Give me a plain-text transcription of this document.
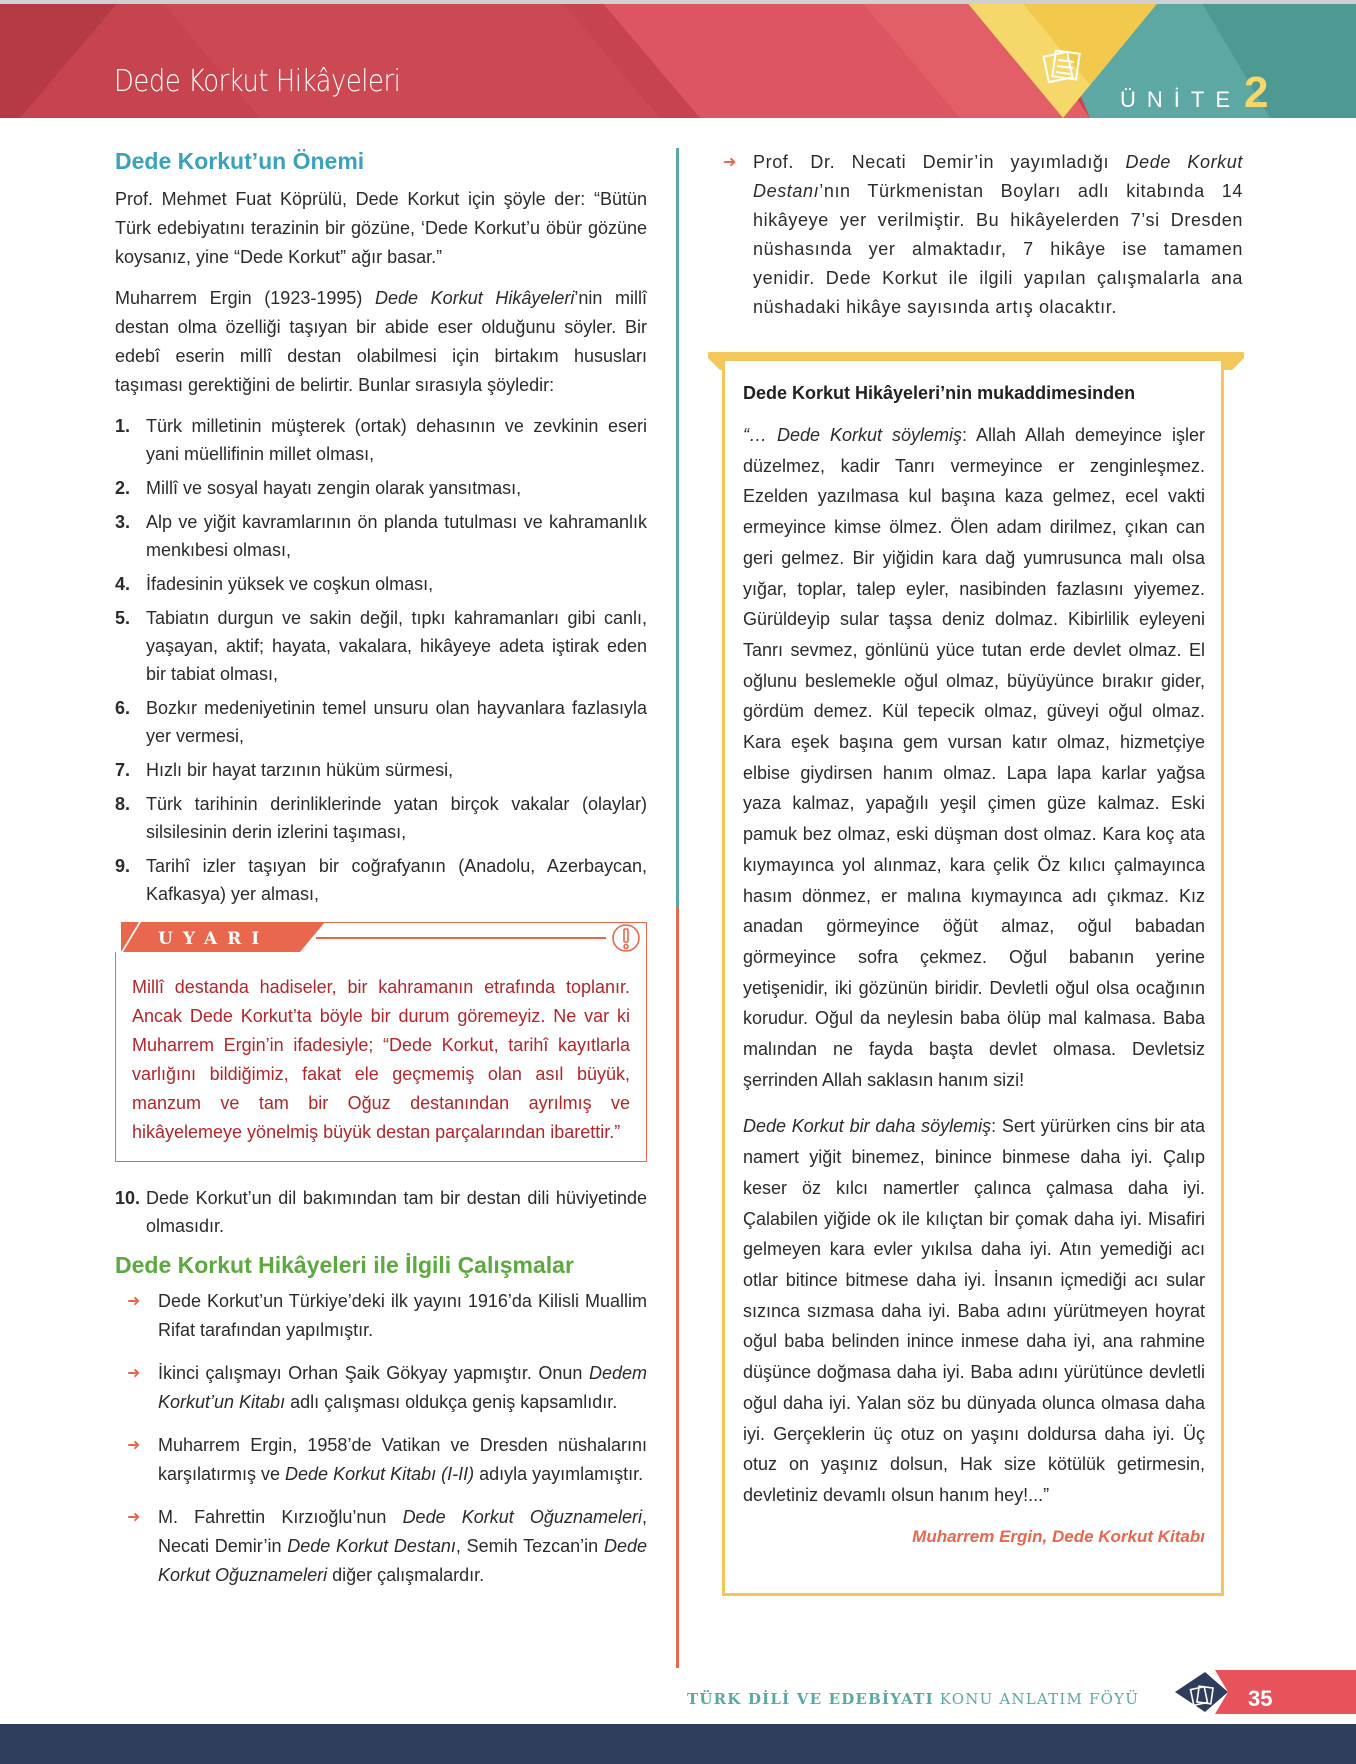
Dede Korkut Hikâyeleri
ÜNİTE 2
Dede Korkut’un Önemi

Prof. Mehmet Fuat Köprülü, Dede Korkut için şöyle der: “Bütün Türk edebiyatını terazinin bir gözüne, ‘Dede Korkut’u öbür gözüne koysanız, yine “Dede Korkut” ağır basar.”

Muharrem Ergin (1923-1995) Dede Korkut Hikâyeleri’nin millî destan olma özelliği taşıyan bir abide eser olduğunu söyler. Bir edebî eserin millî destan olabilmesi için birtakım hususları taşıması gerektiğini de belirtir. Bunlar sırasıyla şöyledir:

1. Türk milletinin müşterek (ortak) dehasının ve zevkinin eseri yani müellifinin millet olması,
2. Millî ve sosyal hayatı zengin olarak yansıtması,
3. Alp ve yiğit kavramlarının ön planda tutulması ve kahramanlık menkıbesi olması,
4. İfadesinin yüksek ve coşkun olması,
5. Tabiatın durgun ve sakin değil, tıpkı kahramanları gibi canlı, yaşayan, aktif; hayata, vakalara, hikâyeye adeta iştirak eden bir tabiat olması,
6. Bozkır medeniyetinin temel unsuru olan hayvanlara fazlasıyla yer vermesi,
7. Hızlı bir hayat tarzının hüküm sürmesi,
8. Türk tarihinin derinliklerinde yatan birçok vakalar (olaylar) silsilesinin derin izlerini taşıması,
9. Tarihî izler taşıyan bir coğrafyanın (Anadolu, Azerbaycan, Kafkasya) yer alması,
UYARI

Millî destanda hadiseler, bir kahramanın etrafında toplanır. Ancak Dede Korkut’ta böyle bir durum göremeyiz. Ne var ki Muharrem Ergin’in ifadesiyle; “Dede Korkut, tarihî kayıtlarla varlığını bildiğimiz, fakat ele geçmemiş olan asıl büyük, manzum ve tam bir Oğuz destanından ayrılmış ve hikâyelemeye yönelmiş büyük destan parçalarından ibarettir.”

10. Dede Korkut’un dil bakımından tam bir destan dili hüviyetinde olmasıdır.
Dede Korkut Hikâyeleri ile İlgili Çalışmalar
➜ Dede Korkut’un Türkiye’deki ilk yayını 1916’da Kilisli Muallim Rifat tarafından yapılmıştır.
➜ İkinci çalışmayı Orhan Şaik Gökyay yapmıştır. Onun Dedem Korkut’un Kitabı adlı çalışması oldukça geniş kapsamlıdır.
➜ Muharrem Ergin, 1958’de Vatikan ve Dresden nüshalarını karşılatırmış ve Dede Korkut Kitabı (I-II) adıyla yayımlamıştır.
➜ M. Fahrettin Kırzıoğlu’nun Dede Korkut Oğuznameleri, Necati Demir’in Dede Korkut Destanı, Semih Tezcan’in Dede Korkut Oğuznameleri diğer çalışmalardır.
➜ Prof. Dr. Necati Demir’in yayımladığı Dede Korkut Destanı’nın Türkmenistan Boyları adlı kitabında 14 hikâyeye yer verilmiştir. Bu hikâyelerden 7’si Dresden nüshasında yer almaktadır, 7 hikâye ise tamamen yenidir. Dede Korkut ile ilgili yapılan çalışmalarla ana nüshadaki hikâye sayısında artış olacaktır.

Dede Korkut Hikâyeleri’nin mukaddimesinden

“… Dede Korkut söylemiş: Allah Allah demeyince işler düzelmez, kadir Tanrı vermeyince er zenginleşmez. Ezelden yazılmasa kul başına kaza gelmez, ecel vakti ermeyince kimse ölmez. Ölen adam dirilmez, çıkan can geri gelmez. Bir yiğidin kara dağ yumrusunca malı olsa yığar, toplar, talep eyler, nasibinden fazlasını yiyemez. Gürüldeyip sular taşsa deniz dolmaz. Kibirlilik eyleyeni Tanrı sevmez, gönlünü yüce tutan erde devlet olmaz. El oğlunu beslemekle oğul olmaz, büyüyünce bırakır gider, gördüm demez. Kül tepecik olmaz, güveyi oğul olmaz. Kara eşek başına gem vursan katır olmaz, hizmetçiye elbise giydirsen hanım olmaz. Lapa lapa karlar yağsa yaza kalmaz, yapağılı yeşil çimen güze kalmaz. Eski pamuk bez olmaz, eski düşman dost olmaz. Kara koç ata kıymayınca yol alınmaz, kara çelik Öz kılıcı çalmayınca hasım dönmez, er malına kıymayınca adı çıkmaz. Kız anadan görmeyince öğüt almaz, oğul babadan görmeyince sofra çekmez. Oğul babanın yerine yetişenidir, iki gözünün biridir. Devletli oğul olsa ocağının korudur. Oğul da neylesin baba ölüp mal kalmasa. Baba malından ne fayda başta devlet olmasa. Devletsiz şerrinden Allah saklasın hanım sizi!

Dede Korkut bir daha söylemiş: Sert yürürken cins bir ata namert yiğit binemez, binince binmese daha iyi. Çalıp keser öz kılcı namertler çalınca çalmasa daha iyi. Çalabilen yiğide ok ile kılıçtan bir çomak daha iyi. Misafiri gelmeyen kara evler yıkılsa daha iyi. Atın yemediği acı otlar bitince bitmese daha iyi. İnsanın içmediği acı sular sızınca sızmasa daha iyi. Baba adını yürütmeyen hoyrat oğul baba belinden inince inmese daha iyi, ana rahmine düşünce doğmasa daha iyi. Baba adını yürütünce devletli oğul daha iyi. Yalan söz bu dünyada olunca olmasa daha iyi. Gerçeklerin üç otuz on yaşını doldursa daha iyi. Üç otuz on yaşınız dolsun, Hak size kötülük getirmesin, devletiniz devamlı olsun hanım hey!...”

Muharrem Ergin, Dede Korkut Kitabı

TÜRK DİLİ VE EDEBİYATI KONU ANLATIM FÖYÜ	35
